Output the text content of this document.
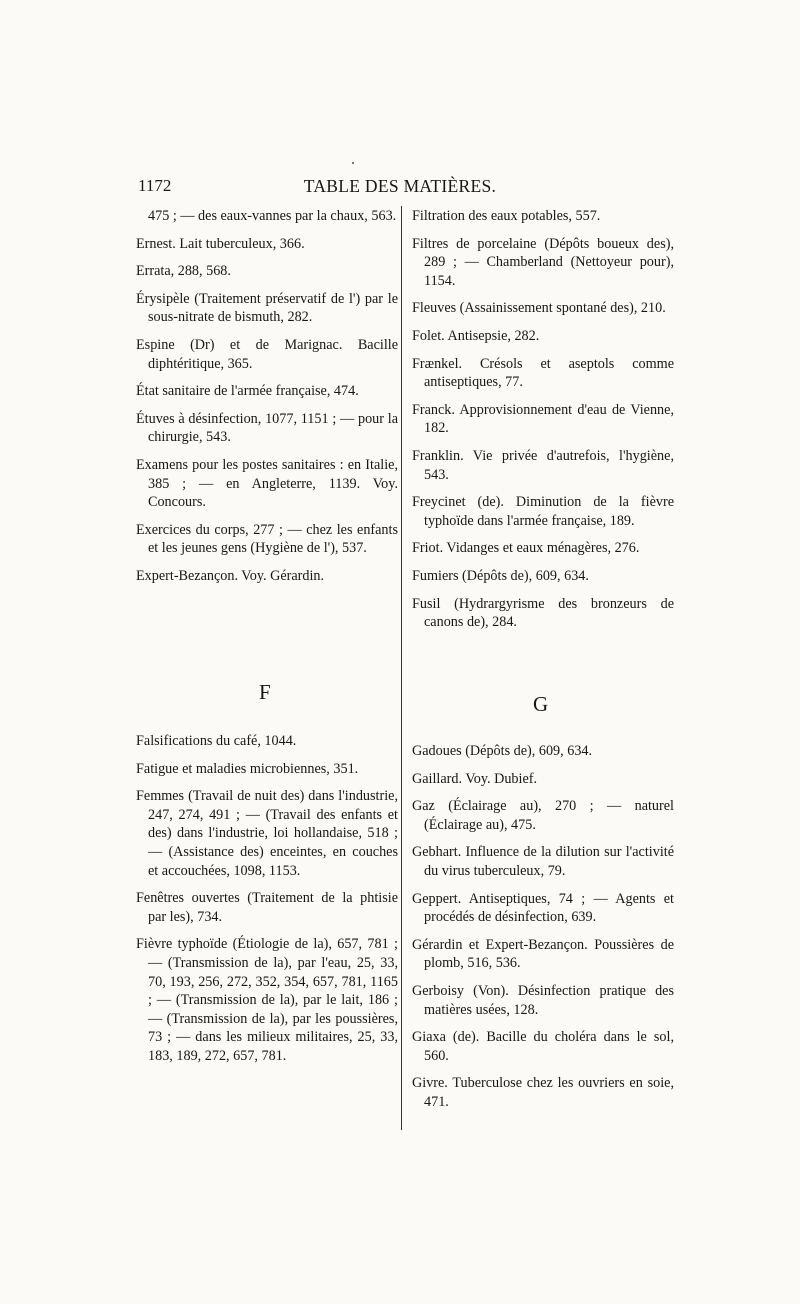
1172	TABLE DES MATIÈRES.

475 ; — des eaux-vannes par la chaux, 563.

Ernest. Lait tuberculeux, 366.

Errata, 288, 568.

Érysipèle (Traitement préservatif de l') par le sous-nitrate de bismuth, 282.

Espine (Dr) et de Marignac. Bacille diphtéritique, 365.

État sanitaire de l'armée française, 474.

Étuves à désinfection, 1077, 1151 ; — pour la chirurgie, 543.

Examens pour les postes sanitaires : en Italie, 385 ; — en Angleterre, 1139. Voy. Concours.

Exercices du corps, 277 ; — chez les enfants et les jeunes gens (Hygiène de l'), 537.

Expert-Bezançon. Voy. Gérardin.

F

Falsifications du café, 1044.

Fatigue et maladies microbiennes, 351.

Femmes (Travail de nuit des) dans l'industrie, 247, 274, 491 ; — (Travail des enfants et des) dans l'industrie, loi hollandaise, 518 ; — (Assistance des) enceintes, en couches et accouchées, 1098, 1153.

Fenêtres ouvertes (Traitement de la phtisie par les), 734.

Fièvre typhoïde (Étiologie de la), 657, 781 ; — (Transmission de la), par l'eau, 25, 33, 70, 193, 256, 272, 352, 354, 657, 781, 1165 ; — (Transmission de la), par le lait, 186 ; — (Transmission de la), par les poussières, 73 ; — dans les milieux militaires, 25, 33, 183, 189, 272, 657, 781.

Filtration des eaux potables, 557.

Filtres de porcelaine (Dépôts boueux des), 289 ; — Chamberland (Nettoyeur pour), 1154.

Fleuves (Assainissement spontané des), 210.

Folet. Antisepsie, 282.

Frænkel. Crésols et aseptols comme antiseptiques, 77.

Franck. Approvisionnement d'eau de Vienne, 182.

Franklin. Vie privée d'autrefois, l'hygiène, 543.

Freycinet (de). Diminution de la fièvre typhoïde dans l'armée française, 189.

Friot. Vidanges et eaux ménagères, 276.

Fumiers (Dépôts de), 609, 634.

Fusil (Hydrargyrisme des bronzeurs de canons de), 284.

G

Gadoues (Dépôts de), 609, 634.

Gaillard. Voy. Dubief.

Gaz (Éclairage au), 270 ; — naturel (Éclairage au), 475.

Gebhart. Influence de la dilution sur l'activité du virus tuberculeux, 79.

Geppert. Antiseptiques, 74 ; — Agents et procédés de désinfection, 639.

Gérardin et Expert-Bezançon. Poussières de plomb, 516, 536.

Gerboisy (Von). Désinfection pratique des matières usées, 128.

Giaxa (de). Bacille du choléra dans le sol, 560.

Givre. Tuberculose chez les ouvriers en soie, 471.
